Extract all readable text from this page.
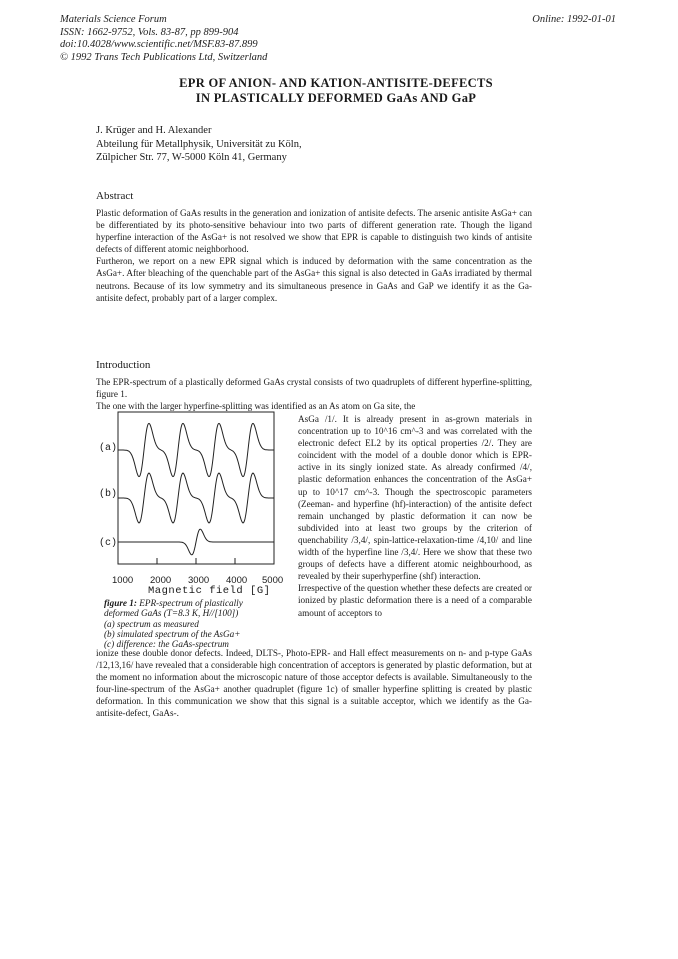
Materials Science Forum
ISSN: 1662-9752, Vols. 83-87, pp 899-904
doi:10.4028/www.scientific.net/MSF.83-87.899
© 1992 Trans Tech Publications Ltd, Switzerland
Online: 1992-01-01
EPR OF ANION- AND KATION-ANTISITE-DEFECTS
IN PLASTICALLY DEFORMED GaAs AND GaP
J. Krüger and H. Alexander
Abteilung für Metallphysik, Universität zu Köln,
Zülpicher Str. 77, W-5000 Köln 41, Germany
Abstract

Plastic deformation of GaAs results in the generation and ionization of antisite defects. The arsenic antisite AsGa+ can be differentiated by its photo-sensitive behaviour into two parts of different generation rate. Though the ligand hyperfine interaction of the AsGa+ is not resolved we show that EPR is capable to distinguish two kinds of antisite defects of different atomic neighborhood.

Furtheron, we report on a new EPR signal which is induced by deformation with the same concentration as the AsGa+. After bleaching of the quenchable part of the AsGa+ this signal is also detected in GaAs irradiated by thermal neutrons. Because of its low symmetry and its simultaneous presence in GaAs and GaP we identify it as the Ga-antisite defect, probably part of a larger complex.

Introduction
The EPR-spectrum of a plastically deformed GaAs crystal consists of two quadruplets of different hyperfine-splitting, figure 1.
The one with the larger hyperfine-splitting was identified as an As atom on Ga site, the
(a)
(b)
(c)
1000 2000 3000 4000 5000
Magnetic field [G]
figure 1: EPR-spectrum of plastically
deformed GaAs (T=8.3 K, H//[100])
(a) spectrum as measured
(b) simulated spectrum of the AsGa+
(c) difference: the GaAs-spectrum

AsGa /1/. It is already present in as-grown materials in concentration up to 10^16 cm^-3 and was correlated with the electronic defect EL2 by its optical properties /2/. They are coincident with the model of a double donor which is EPR-active in its singly ionized state. As already confirmed /4/, plastic deformation enhances the concentration of the AsGa+ up to 10^17 cm^-3. Though the spectroscopic parameters (Zeeman- and hyperfine (hf)-interaction) of the antisite defect remain unchanged by plastic deformation it can now be subdivided into at least two groups by the criterion of quenchability /3,4/, spin-lattice-relaxation-time /4,10/ and line width of the hyperfine line /3,4/. Here we show that these two groups of defects have a different atomic neighbourhood, as revealed by their superhyperfine (shf) interaction.

Irrespective of the question whether these defects are created or ionized by plastic deformation there is a need of a comparable amount of acceptors to

ionize these double donor defects. Indeed, DLTS-, Photo-EPR- and Hall effect measurements on n- and p-type GaAs /12,13,16/ have revealed that a considerable high concentration of acceptors is generated by plastic deformation, but at the moment no information about the microscopic nature of those acceptor defects is available. Simultaneously to the four-line-spectrum of the AsGa+ another quadruplet (figure 1c) of smaller hyperfine splitting is created by plastic deformation. In this communication we show that this signal is a suitable acceptor, which we identify as the Ga-antisite-defect, GaAs-.
